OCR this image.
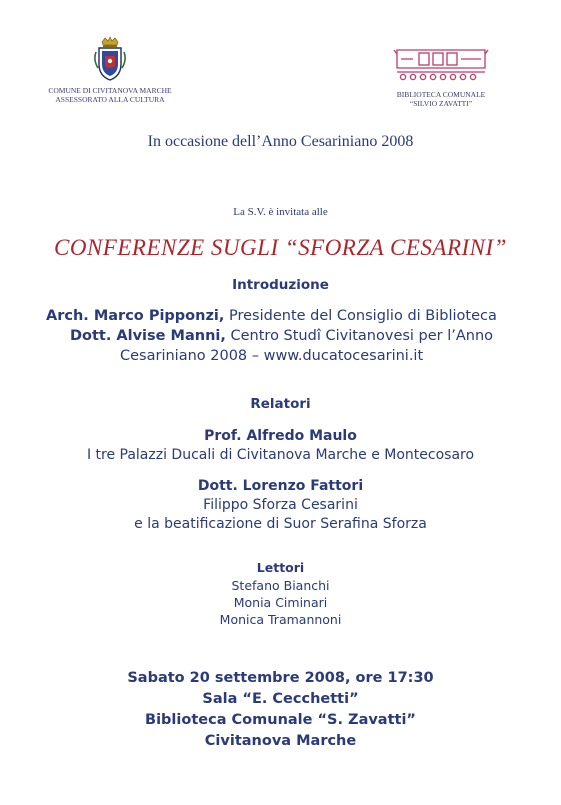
COMUNE DI CIVITANOVA MARCHE
ASSESSORATO ALLA CULTURA
BIBLIOTECA COMUNALE
“SILVIO ZAVATTI”
In occasione dell’Anno Cesariniano 2008
La S.V. è invitata alle
CONFERENZE SUGLI “SFORZA CESARINI”
Introduzione
Arch. Marco Pipponzi, Presidente del Consiglio di Biblioteca
Dott. Alvise Manni, Centro Studî Civitanovesi per l’Anno
Cesariniano 2008 – www.ducatocesarini.it
Relatori
Prof. Alfredo Maulo
I tre Palazzi Ducali di Civitanova Marche e Montecosaro
Dott. Lorenzo Fattori
Filippo Sforza Cesarini
e la beatificazione di Suor Serafina Sforza
Lettori
Stefano Bianchi
Monia Ciminari
Monica Tramannoni
Sabato 20 settembre 2008, ore 17:30
Sala “E. Cecchetti”
Biblioteca Comunale “S. Zavatti”
Civitanova Marche
